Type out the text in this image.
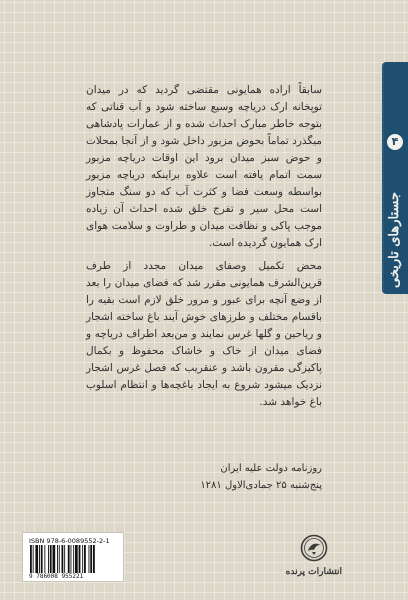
جستارهای تاریخی
۴

سابقاً اراده همایونی مقتضی گردید که در میدان توپخانه ارک دریاچه وسیع ساخته شود و آب قناتی که بتوجه خاطر مبارک احداث شده و از عمارات پادشاهی میگذرد تماماً بحوض مزبور داخل شود و از آنجا بمحلات و حوض سبز میدان برود این اوقات دریاچه مزبور سمت اتمام یافته است علاوه براینکه دریاچه مزبور بواسطه وسعت فضا و کثرت آب که دو سنگ متجاوز است محل سیر و تفرج خلق شده احداث آن زیاده موجب پاکی و نظافت میدان و طراوت و سلامت هوای ارک همایون گردیده است.

محض تکمیل وصفای میدان مجدد از طرف قرین‌الشرف همایونی مقرر شد که فضای میدان را بعد از وضع آنچه برای عبور و مرور خلق لازم است بقیه را باقسام مختلف و طرزهای خوش آیند باغ ساخته اشجار و ریاحین و گلها غرس نمایند و من‌بعد اطراف دریاچه و فضای میدان از خاک و خاشاک محفوظ و بکمال پاکیزگی مقرون باشد و عنقریب که فصل غرس اشجار نزدیک میشود شروع به ایجاد باغچه‌ها و انتظام اسلوب باغ خواهد شد.

روزنامه دولت علیه ایران
پنج‌شنبه ۲۵ جمادی‌الاول ۱۲۸۱
ISBN 978-6-0089552-2-1
9 786008 955221	انتشارات پرنده
